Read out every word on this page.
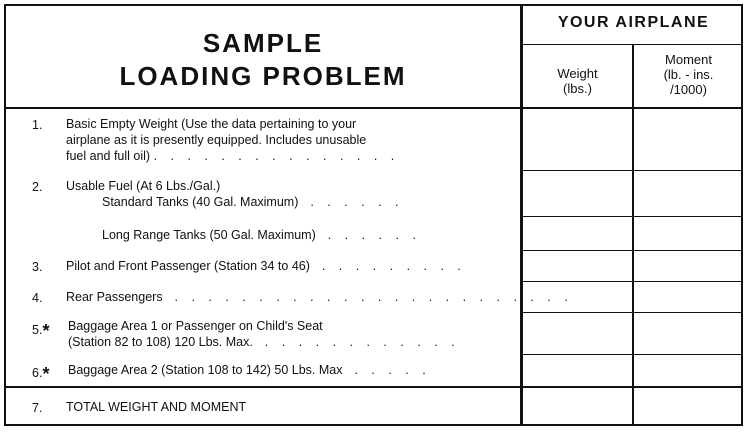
SAMPLE
LOADING PROBLEM
YOUR AIRPLANE
Weight
(lbs.)
Moment
(lb. - ins.
/1000)
1. Basic Empty Weight (Use the data pertaining to your
airplane as it is presently equipped. Includes unusable
fuel and full oil) . . . . . . . . . . . . . . .
2. Usable Fuel (At 6 Lbs./Gal.)
Standard Tanks (40 Gal. Maximum)  . . . . . .
Long Range Tanks (50 Gal. Maximum)  . . . . . .
3. Pilot and Front Passenger (Station 34 to 46)  . . . . . . . . .
4. Rear Passengers  . . . . . . . . . . . . . . . . . . . . . . . .
5.* Baggage Area 1 or Passenger on Child's Seat
(Station 82 to 108) 120 Lbs. Max.  . . . . . . . . . . . .
6.* Baggage Area 2 (Station 108 to 142) 50 Lbs. Max  . . . . .
7. TOTAL WEIGHT AND MOMENT
